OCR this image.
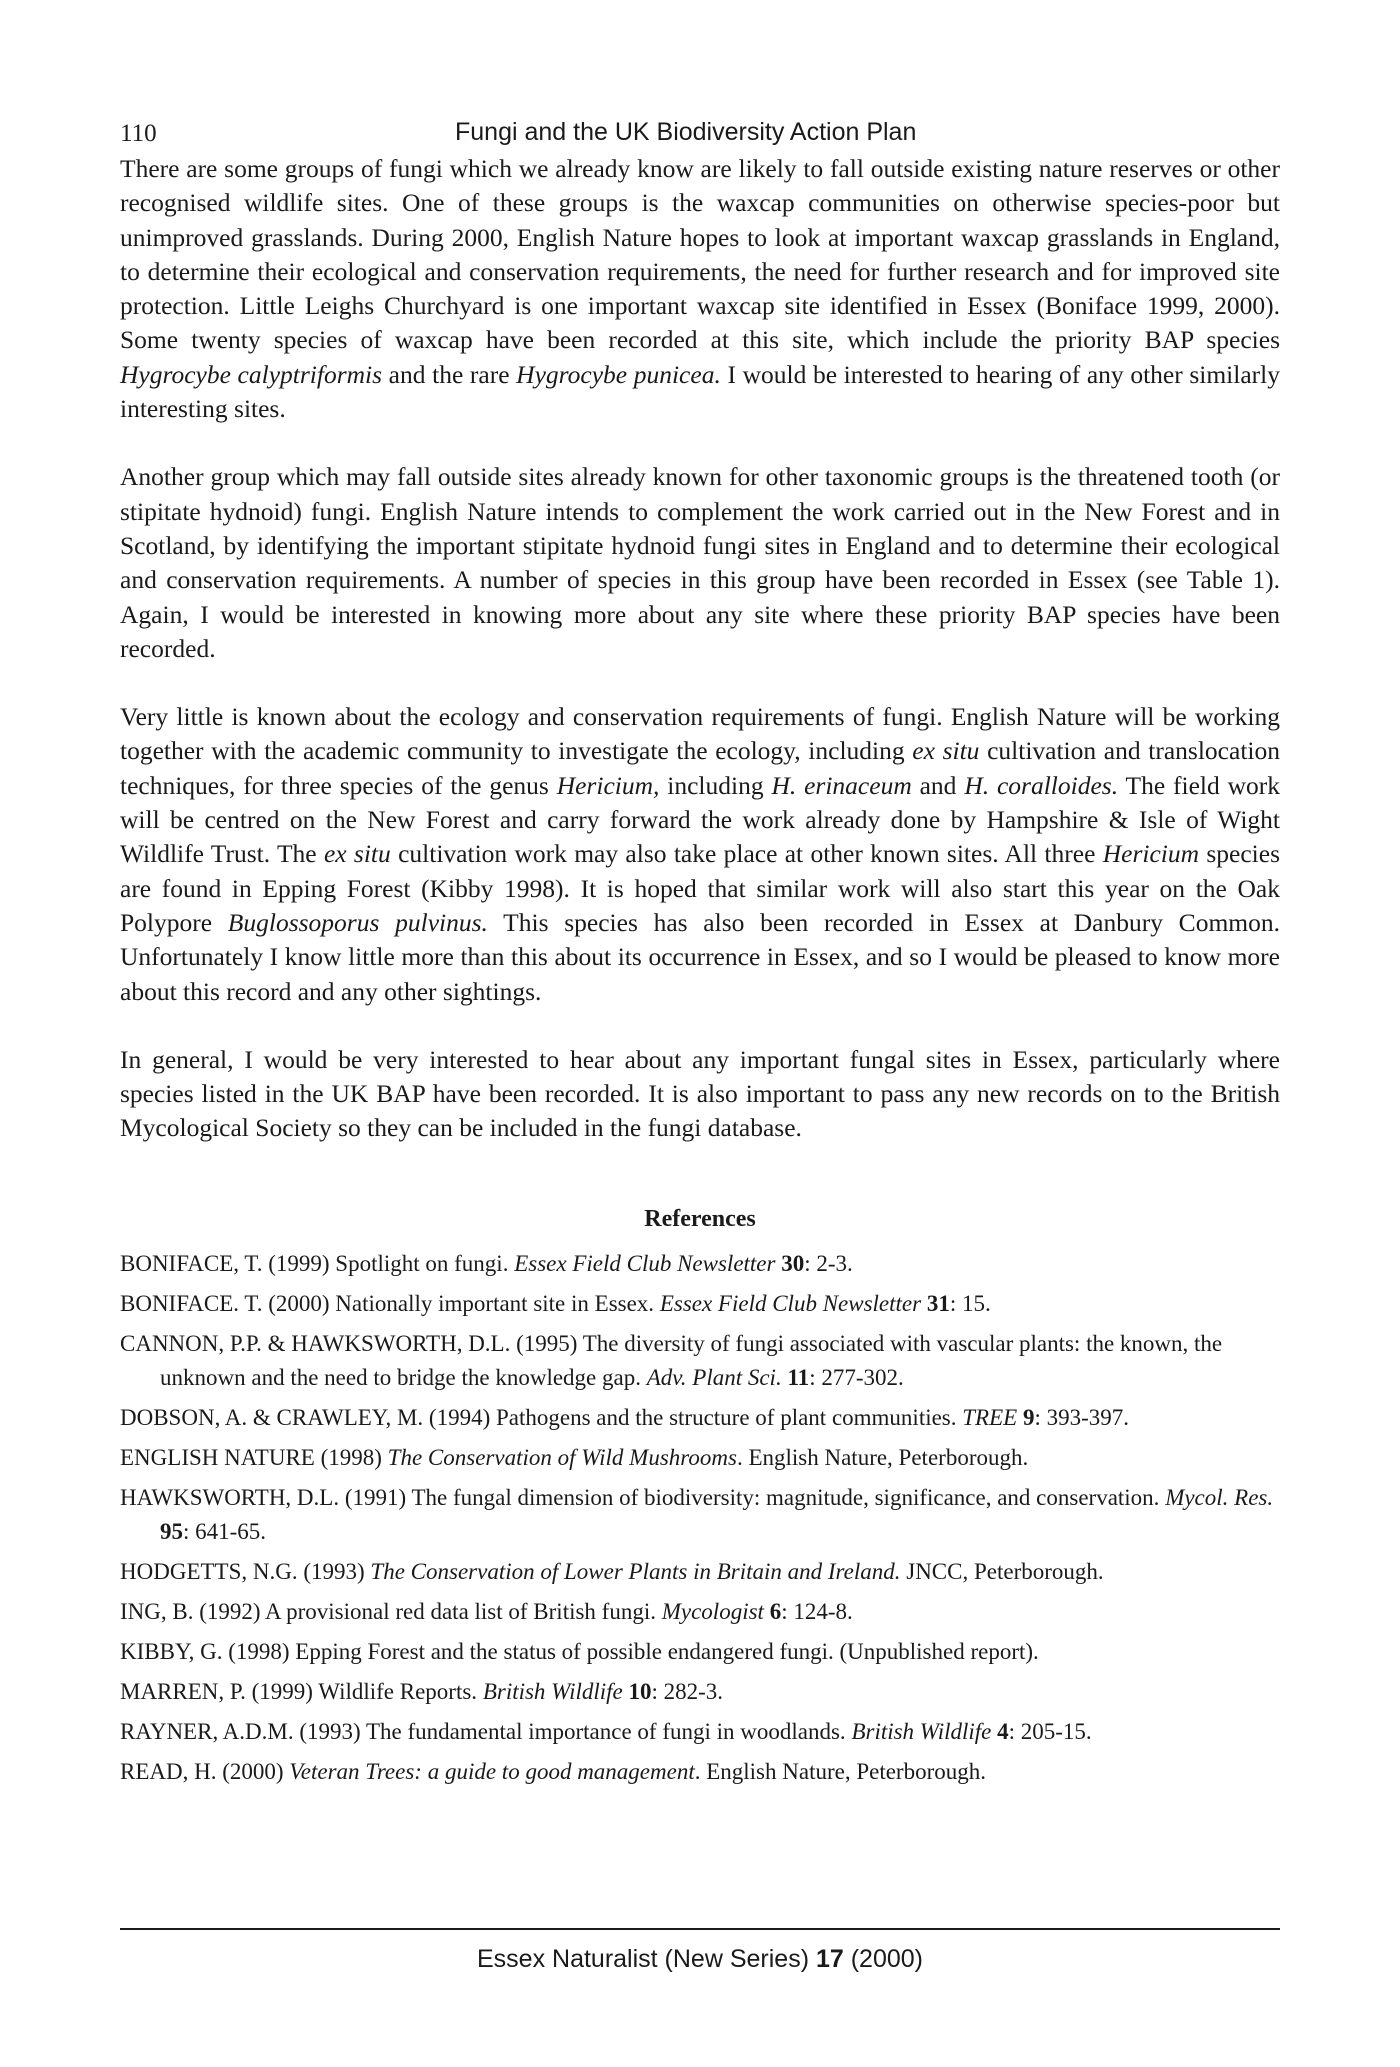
110	Fungi and the UK Biodiversity Action Plan

There are some groups of fungi which we already know are likely to fall outside existing nature reserves or other recognised wildlife sites. One of these groups is the waxcap communities on otherwise species-poor but unimproved grasslands. During 2000, English Nature hopes to look at important waxcap grasslands in England, to determine their ecological and conservation requirements, the need for further research and for improved site protection. Little Leighs Churchyard is one important waxcap site identified in Essex (Boniface 1999, 2000). Some twenty species of waxcap have been recorded at this site, which include the priority BAP species Hygrocybe calyptriformis and the rare Hygrocybe punicea. I would be interested to hearing of any other similarly interesting sites.

Another group which may fall outside sites already known for other taxonomic groups is the threatened tooth (or stipitate hydnoid) fungi. English Nature intends to complement the work carried out in the New Forest and in Scotland, by identifying the important stipitate hydnoid fungi sites in England and to determine their ecological and conservation requirements. A number of species in this group have been recorded in Essex (see Table 1). Again, I would be interested in knowing more about any site where these priority BAP species have been recorded.

Very little is known about the ecology and conservation requirements of fungi. English Nature will be working together with the academic community to investigate the ecology, including ex situ cultivation and translocation techniques, for three species of the genus Hericium, including H. erinaceum and H. coralloides. The field work will be centred on the New Forest and carry forward the work already done by Hampshire & Isle of Wight Wildlife Trust. The ex situ cultivation work may also take place at other known sites. All three Hericium species are found in Epping Forest (Kibby 1998). It is hoped that similar work will also start this year on the Oak Polypore Buglossoporus pulvinus. This species has also been recorded in Essex at Danbury Common. Unfortunately I know little more than this about its occurrence in Essex, and so I would be pleased to know more about this record and any other sightings.

In general, I would be very interested to hear about any important fungal sites in Essex, particularly where species listed in the UK BAP have been recorded. It is also important to pass any new records on to the British Mycological Society so they can be included in the fungi database.

References

BONIFACE, T. (1999) Spotlight on fungi. Essex Field Club Newsletter 30: 2-3.

BONIFACE. T. (2000) Nationally important site in Essex. Essex Field Club Newsletter 31: 15.

CANNON, P.P. & HAWKSWORTH, D.L. (1995) The diversity of fungi associated with vascular plants: the known, the unknown and the need to bridge the knowledge gap. Adv. Plant Sci. 11: 277-302.

DOBSON, A. & CRAWLEY, M. (1994) Pathogens and the structure of plant communities. TREE 9: 393-397.

ENGLISH NATURE (1998) The Conservation of Wild Mushrooms. English Nature, Peterborough.

HAWKSWORTH, D.L. (1991) The fungal dimension of biodiversity: magnitude, significance, and conservation. Mycol. Res. 95: 641-65.

HODGETTS, N.G. (1993) The Conservation of Lower Plants in Britain and Ireland. JNCC, Peterborough.

ING, B. (1992) A provisional red data list of British fungi. Mycologist 6: 124-8.

KIBBY, G. (1998) Epping Forest and the status of possible endangered fungi. (Unpublished report).

MARREN, P. (1999) Wildlife Reports. British Wildlife 10: 282-3.

RAYNER, A.D.M. (1993) The fundamental importance of fungi in woodlands. British Wildlife 4: 205-15.

READ, H. (2000) Veteran Trees: a guide to good management. English Nature, Peterborough.

Essex Naturalist (New Series) 17 (2000)
